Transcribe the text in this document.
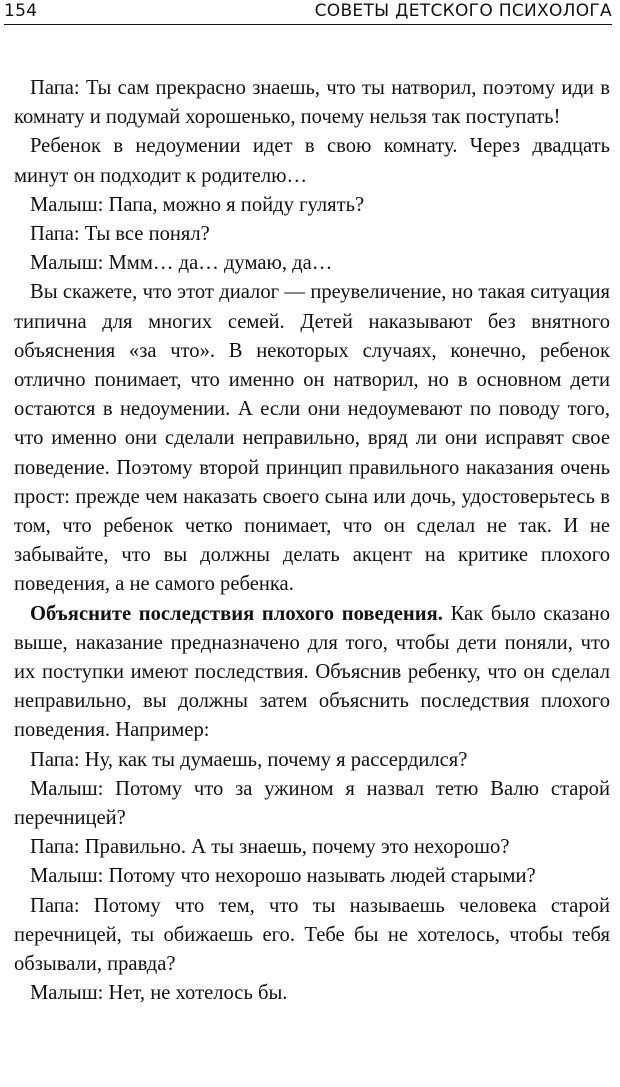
154	СОВЕТЫ ДЕТСКОГО ПСИХОЛОГА

Папа: Ты сам прекрасно знаешь, что ты натворил, поэтому иди в комнату и подумай хорошенько, почему нельзя так поступать!

Ребенок в недоумении идет в свою комнату. Через двадцать минут он подходит к родителю…

Малыш: Папа, можно я пойду гулять?

Папа: Ты все понял?

Малыш: Ммм… да… думаю, да…

Вы скажете, что этот диалог — преувеличение, но такая ситуация типична для многих семей. Детей наказывают без внятного объяснения «за что». В некоторых случаях, конечно, ребенок отлично понимает, что именно он натворил, но в основном дети остаются в недоумении. А если они недоумевают по поводу того, что именно они сделали неправильно, вряд ли они исправят свое поведение. Поэтому второй принцип правильного наказания очень прост: прежде чем наказать своего сына или дочь, удостоверьтесь в том, что ребенок четко понимает, что он сделал не так. И не забывайте, что вы должны делать акцент на критике плохого поведения, а не самого ребенка.

Объясните последствия плохого поведения. Как было сказано выше, наказание предназначено для того, чтобы дети поняли, что их поступки имеют последствия. Объяснив ребенку, что он сделал неправильно, вы должны затем объяснить последствия плохого поведения. Например:

Папа: Ну, как ты думаешь, почему я рассердился?

Малыш: Потому что за ужином я назвал тетю Валю старой перечницей?

Папа: Правильно. А ты знаешь, почему это нехорошо?

Малыш: Потому что нехорошо называть людей старыми?

Папа: Потому что тем, что ты называешь человека старой перечницей, ты обижаешь его. Тебе бы не хотелось, чтобы тебя обзывали, правда?

Малыш: Нет, не хотелось бы.
